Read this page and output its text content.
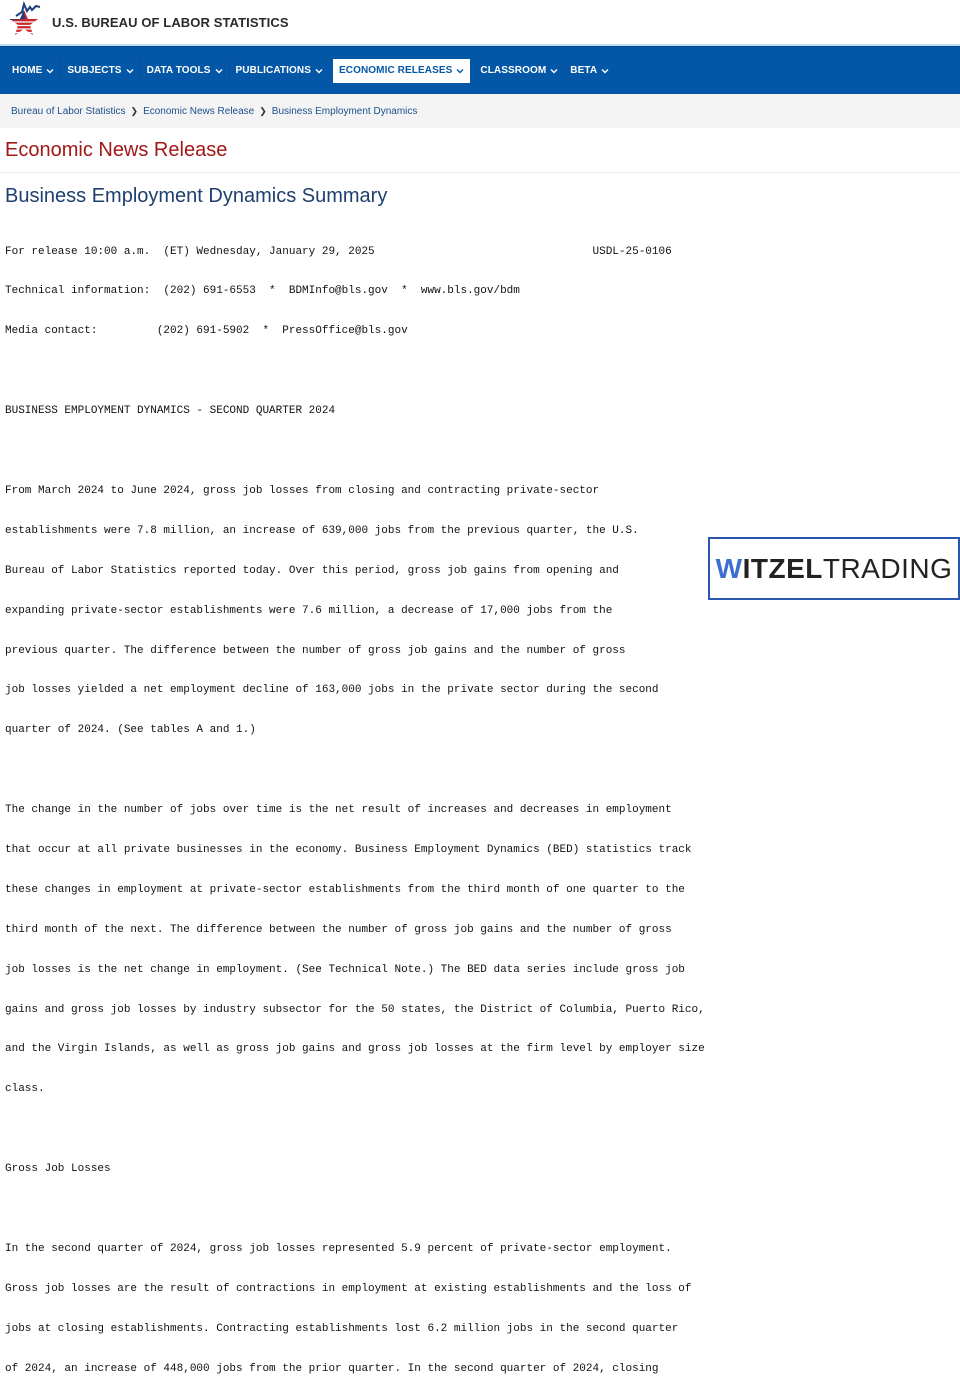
U.S. BUREAU OF LABOR STATISTICS
HOME	SUBJECTS	DATA TOOLS	PUBLICATIONS	ECONOMIC RELEASES	CLASSROOM BETA
Bureau of Labor Statistics ❯ Economic News Release ❯ Business Employment Dynamics
Economic News Release
Business Employment Dynamics Summary

For release 10:00 a.m.  (ET) Wednesday, January 29, 2025                                 USDL-25-0106

Technical information:  (202) 691-6553  *  BDMInfo@bls.gov  *  www.bls.gov/bdm

Media contact:         (202) 691-5902  *  PressOffice@bls.gov

BUSINESS EMPLOYMENT DYNAMICS - SECOND QUARTER 2024

From March 2024 to June 2024, gross job losses from closing and contracting private-sector

establishments were 7.8 million, an increase of 639,000 jobs from the previous quarter, the U.S.

Bureau of Labor Statistics reported today. Over this period, gross job gains from opening and

expanding private-sector establishments were 7.6 million, a decrease of 17,000 jobs from the

previous quarter. The difference between the number of gross job gains and the number of gross

job losses yielded a net employment decline of 163,000 jobs in the private sector during the second

quarter of 2024. (See tables A and 1.)

The change in the number of jobs over time is the net result of increases and decreases in employment

that occur at all private businesses in the economy. Business Employment Dynamics (BED) statistics track

these changes in employment at private-sector establishments from the third month of one quarter to the

third month of the next. The difference between the number of gross job gains and the number of gross

job losses is the net change in employment. (See Technical Note.) The BED data series include gross job

gains and gross job losses by industry subsector for the 50 states, the District of Columbia, Puerto Rico,

and the Virgin Islands, as well as gross job gains and gross job losses at the firm level by employer size

class.

Gross Job Losses

In the second quarter of 2024, gross job losses represented 5.9 percent of private-sector employment.

Gross job losses are the result of contractions in employment at existing establishments and the loss of

jobs at closing establishments. Contracting establishments lost 6.2 million jobs in the second quarter

of 2024, an increase of 448,000 jobs from the prior quarter. In the second quarter of 2024, closing

WITZELTRADING
